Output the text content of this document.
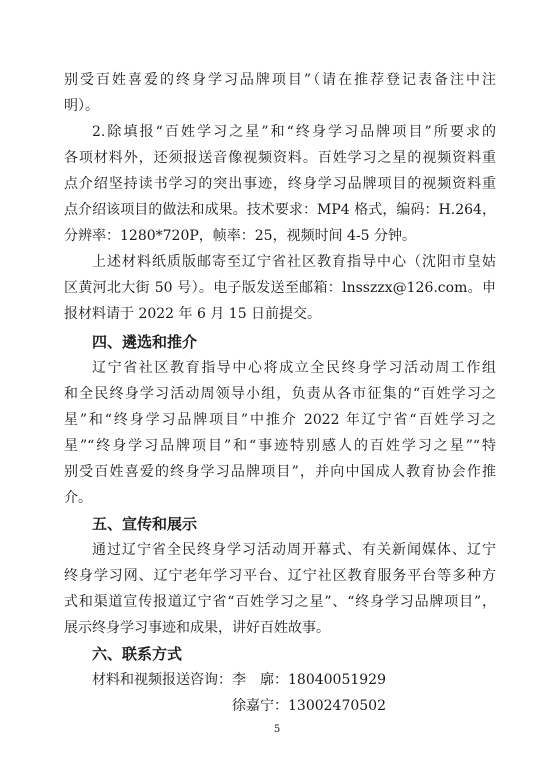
别受百姓喜爱的终身学习品牌项目”（请在推荐登记表备注中注
明）。
2.除填报“百姓学习之星”和“终身学习品牌项目”所要求的
各项材料外，还须报送音像视频资料。百姓学习之星的视频资料重
点介绍坚持读书学习的突出事迹，终身学习品牌项目的视频资料重
点介绍该项目的做法和成果。技术要求：MP4 格式，编码：H.264，
分辨率：1280*720P，帧率：25，视频时间 4-5 分钟。
上述材料纸质版邮寄至辽宁省社区教育指导中心（沈阳市皇姑
区黄河北大街 50 号）。电子版发送至邮箱：lnsszzx@126.com。申
报材料请于 2022 年 6 月 15 日前提交。
四、遴选和推介
辽宁省社区教育指导中心将成立全民终身学习活动周工作组
和全民终身学习活动周领导小组，负责从各市征集的“百姓学习之
星”和“终身学习品牌项目”中推介 2022 年辽宁省“百姓学习之
星”“终身学习品牌项目”和“事迹特别感人的百姓学习之星”“特
别受百姓喜爱的终身学习品牌项目”，并向中国成人教育协会作推
介。
五、宣传和展示
通过辽宁省全民终身学习活动周开幕式、有关新闻媒体、辽宁
终身学习网、辽宁老年学习平台、辽宁社区教育服务平台等多种方
式和渠道宣传报道辽宁省“百姓学习之星”、“终身学习品牌项目”，
展示终身学习事迹和成果，讲好百姓故事。
六、联系方式
材料和视频报送咨询： 李　廓：18040051929
徐嘉宁：13002470502
5
